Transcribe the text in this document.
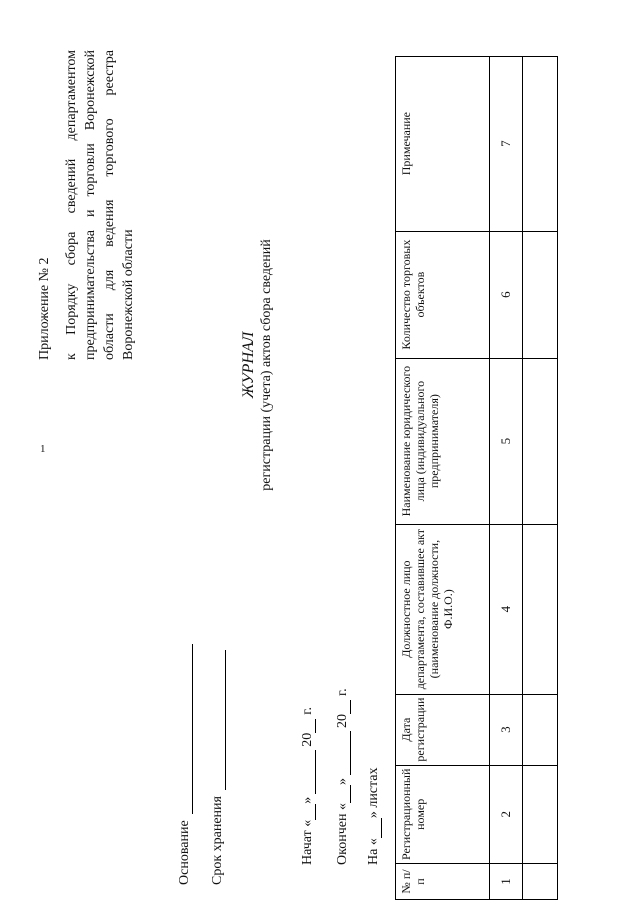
1
Приложение № 2 к Порядку сбора сведений департаментом предпринимательства и торговли Воронежской области для ведения торгового реестра Воронежской области
Основание Срок хранения
ЖУРНАЛ регистрации (учета) актов сбора сведений
Начат «
»
20
г.
Окончен «
»
20
г.
На «
» листах
№ п/п	Регистрационный номер	Дата регистрации	Должностное лицо департамента, составившее акт (наименование должности, Ф.И.О.)	Наименование юридического лица (индивидуального предпринимателя)	Количество торговых объектов	Примечание
1	2	3	4	5	6	7
